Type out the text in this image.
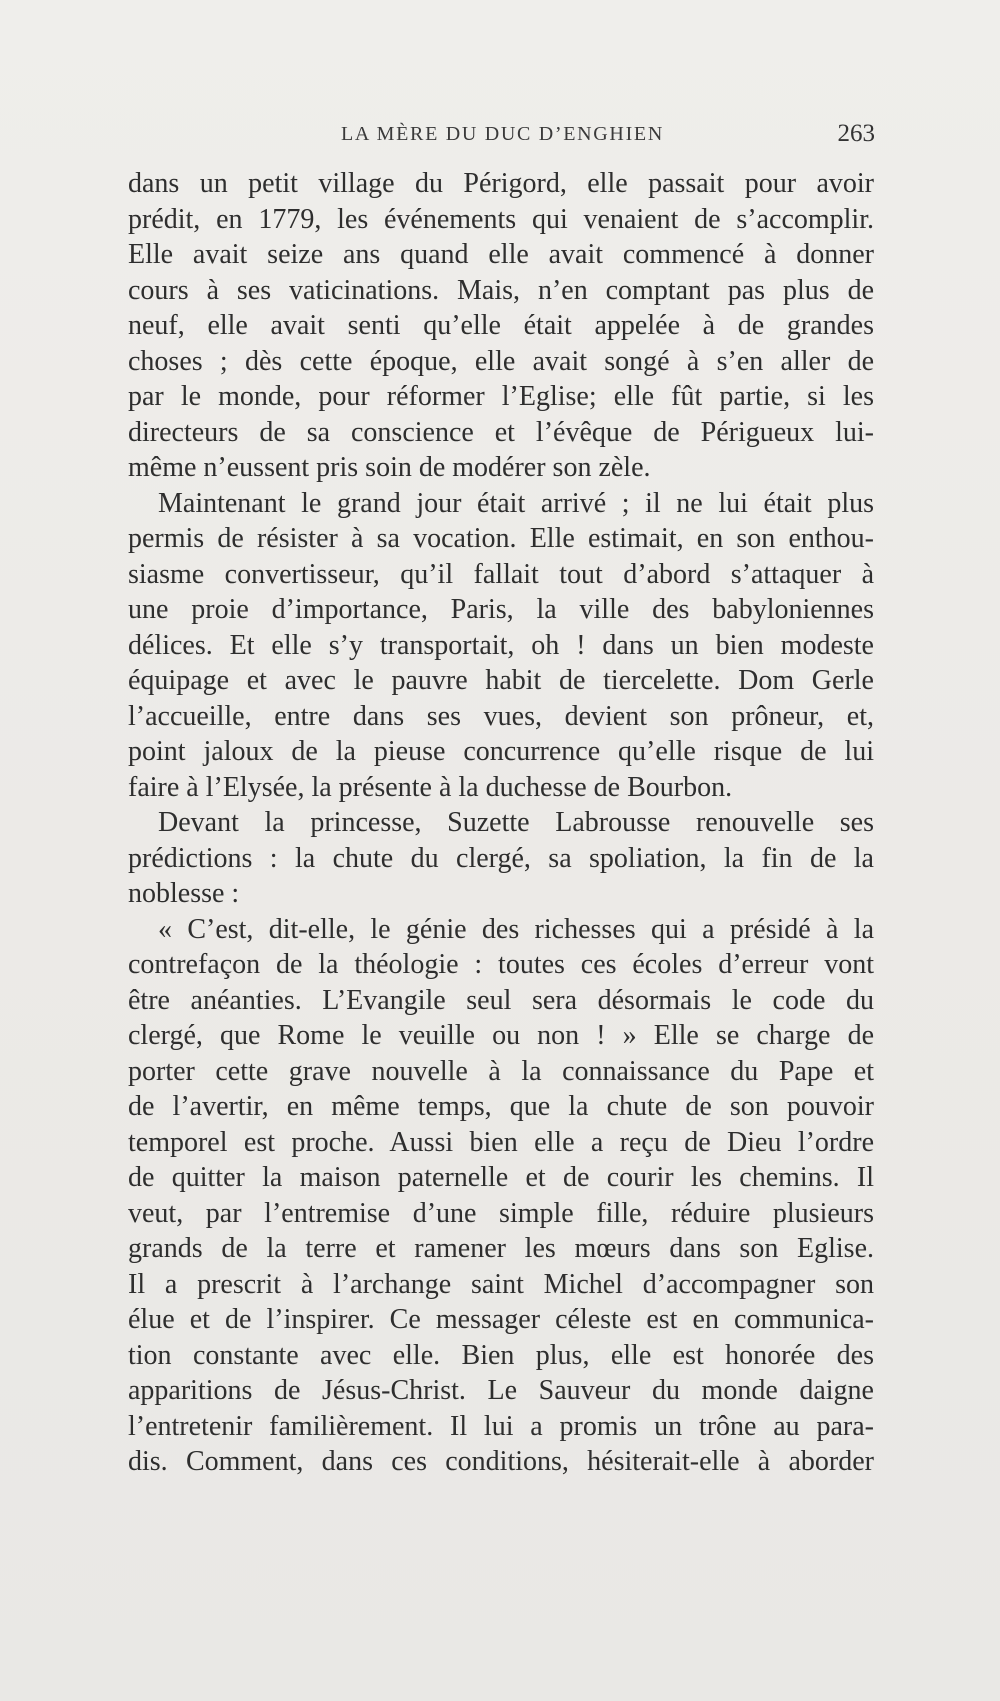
LA MÈRE DU DUC D’ENGHIEN	263
dans un petit village du Périgord, elle passait pour avoir
prédit, en 1779, les événements qui venaient de s’accomplir.
Elle avait seize ans quand elle avait commencé à donner
cours à ses vaticinations. Mais, n’en comptant pas plus de
neuf, elle avait senti qu’elle était appelée à de grandes
choses ; dès cette époque, elle avait songé à s’en aller de
par le monde, pour réformer l’Eglise; elle fût partie, si les
directeurs de sa conscience et l’évêque de Périgueux lui-
même n’eussent pris soin de modérer son zèle.
Maintenant le grand jour était arrivé ; il ne lui était plus
permis de résister à sa vocation. Elle estimait, en son enthou-
siasme convertisseur, qu’il fallait tout d’abord s’attaquer à
une proie d’importance, Paris, la ville des babyloniennes
délices. Et elle s’y transportait, oh ! dans un bien modeste
équipage et avec le pauvre habit de tiercelette. Dom Gerle
l’accueille, entre dans ses vues, devient son prôneur, et,
point jaloux de la pieuse concurrence qu’elle risque de lui
faire à l’Elysée, la présente à la duchesse de Bourbon.
Devant la princesse, Suzette Labrousse renouvelle ses
prédictions : la chute du clergé, sa spoliation, la fin de la
noblesse :
« C’est, dit-elle, le génie des richesses qui a présidé à la
contrefaçon de la théologie : toutes ces écoles d’erreur vont
être anéanties. L’Evangile seul sera désormais le code du
clergé, que Rome le veuille ou non ! » Elle se charge de
porter cette grave nouvelle à la connaissance du Pape et
de l’avertir, en même temps, que la chute de son pouvoir
temporel est proche. Aussi bien elle a reçu de Dieu l’ordre
de quitter la maison paternelle et de courir les chemins. Il
veut, par l’entremise d’une simple fille, réduire plusieurs
grands de la terre et ramener les mœurs dans son Eglise.
Il a prescrit à l’archange saint Michel d’accompagner son
élue et de l’inspirer. Ce messager céleste est en communica-
tion constante avec elle. Bien plus, elle est honorée des
apparitions de Jésus-Christ. Le Sauveur du monde daigne
l’entretenir familièrement. Il lui a promis un trône au para-
dis. Comment, dans ces conditions, hésiterait-elle à aborder
